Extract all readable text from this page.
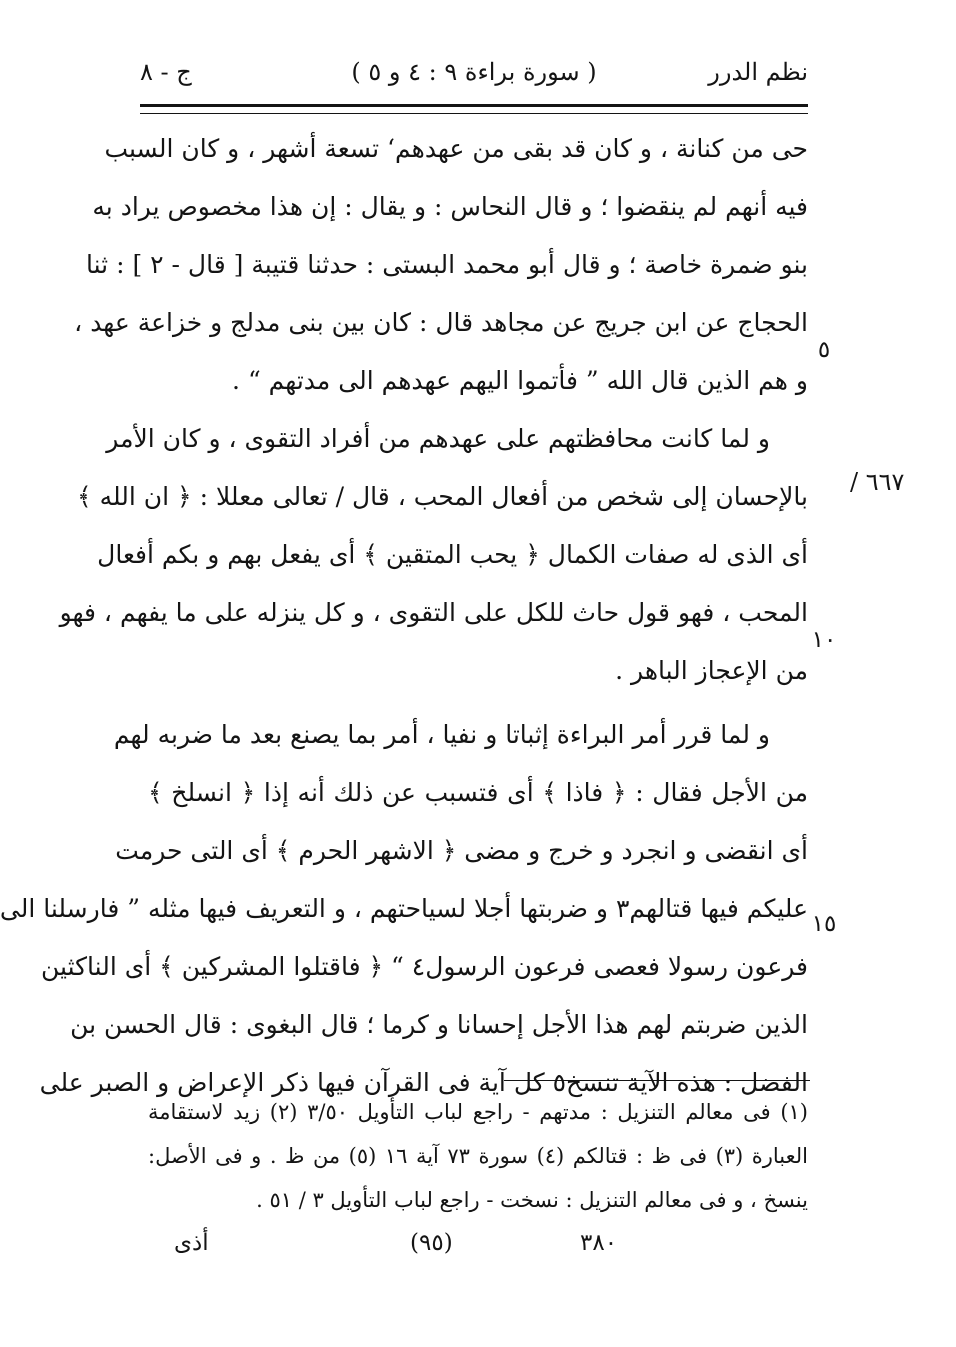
نظم الدرر
( سورة براءة ٩ : ٤ و ٥ )
ج - ٨
٦٦٧ /
٥
١٠
١٥
حى من كنانة ، و كان قد بقى من عهدهم‘ تسعة أشهر ، و كان السبب
فيه أنهم لم ينقضوا ؛ و قال النحاس : و يقال : إن هذا مخصوص يراد به
بنو ضمرة خاصة ؛ و قال أبو محمد البستى : حدثنا قتيبة [ قال - ٢ ] : ثنا
الحجاج عن ابن جريج عن مجاهد قال : كان بين بنى مدلج و خزاعة عهد ،
و هم الذين قال الله ” فأتموا اليهم عهدهم الى مدتهم “ .
و لما كانت محافظتهم على عهدهم من أفراد التقوى ، و كان الأمر
بالإحسان إلى شخص من أفعال المحب ، قال / تعالى معللا : ﴿ ان الله ﴾
أى الذى له صفات الكمال ﴿ يحب المتقين ﴾ أى يفعل بهم و بكم أفعال
المحب ، فهو قول حاث للكل على التقوى ، و كل ينزله على ما يفهم ، فهو
من الإعجاز الباهر .
و لما قرر أمر البراءة إثباتا و نفيا ، أمر بما يصنع بعد ما ضربه لهم
من الأجل فقال : ﴿ فاذا ﴾ أى فتسبب عن ذلك أنه إذا ﴿ انسلخ ﴾
أى انقضى و انجرد و خرج و مضى ﴿ الاشهر الحرم ﴾ أى التى حرمت
عليكم فيها قتالهم٣ و ضربتها أجلا لسياحتهم ، و التعريف فيها مثله ” فارسلنا الى
فرعون رسولا فعصى فرعون الرسول٤ “ ﴿ فاقتلوا المشركين ﴾ أى الناكثين
الذين ضربتم لهم هذا الأجل إحسانا و كرما ؛ قال البغوى : قال الحسن بن
الفضل : هذه الآية تنسخ٥ كل آية فى القرآن فيها ذكر الإعراض و الصبر على
(١) فى معالم التنزيل : مدتهم - راجع لباب التأويل ٣/٥٠ (٢) زيد لاستقامة
العبارة (٣) فى ظ : قتالكم (٤) سورة ٧٣ آية ١٦ (٥) من ظ . و فى الأصل:
ينسخ ، و فى معالم التنزيل : نسخت - راجع لباب التأويل ٣ / ٥١ .
٣٨٠
(٩٥)
أذى
